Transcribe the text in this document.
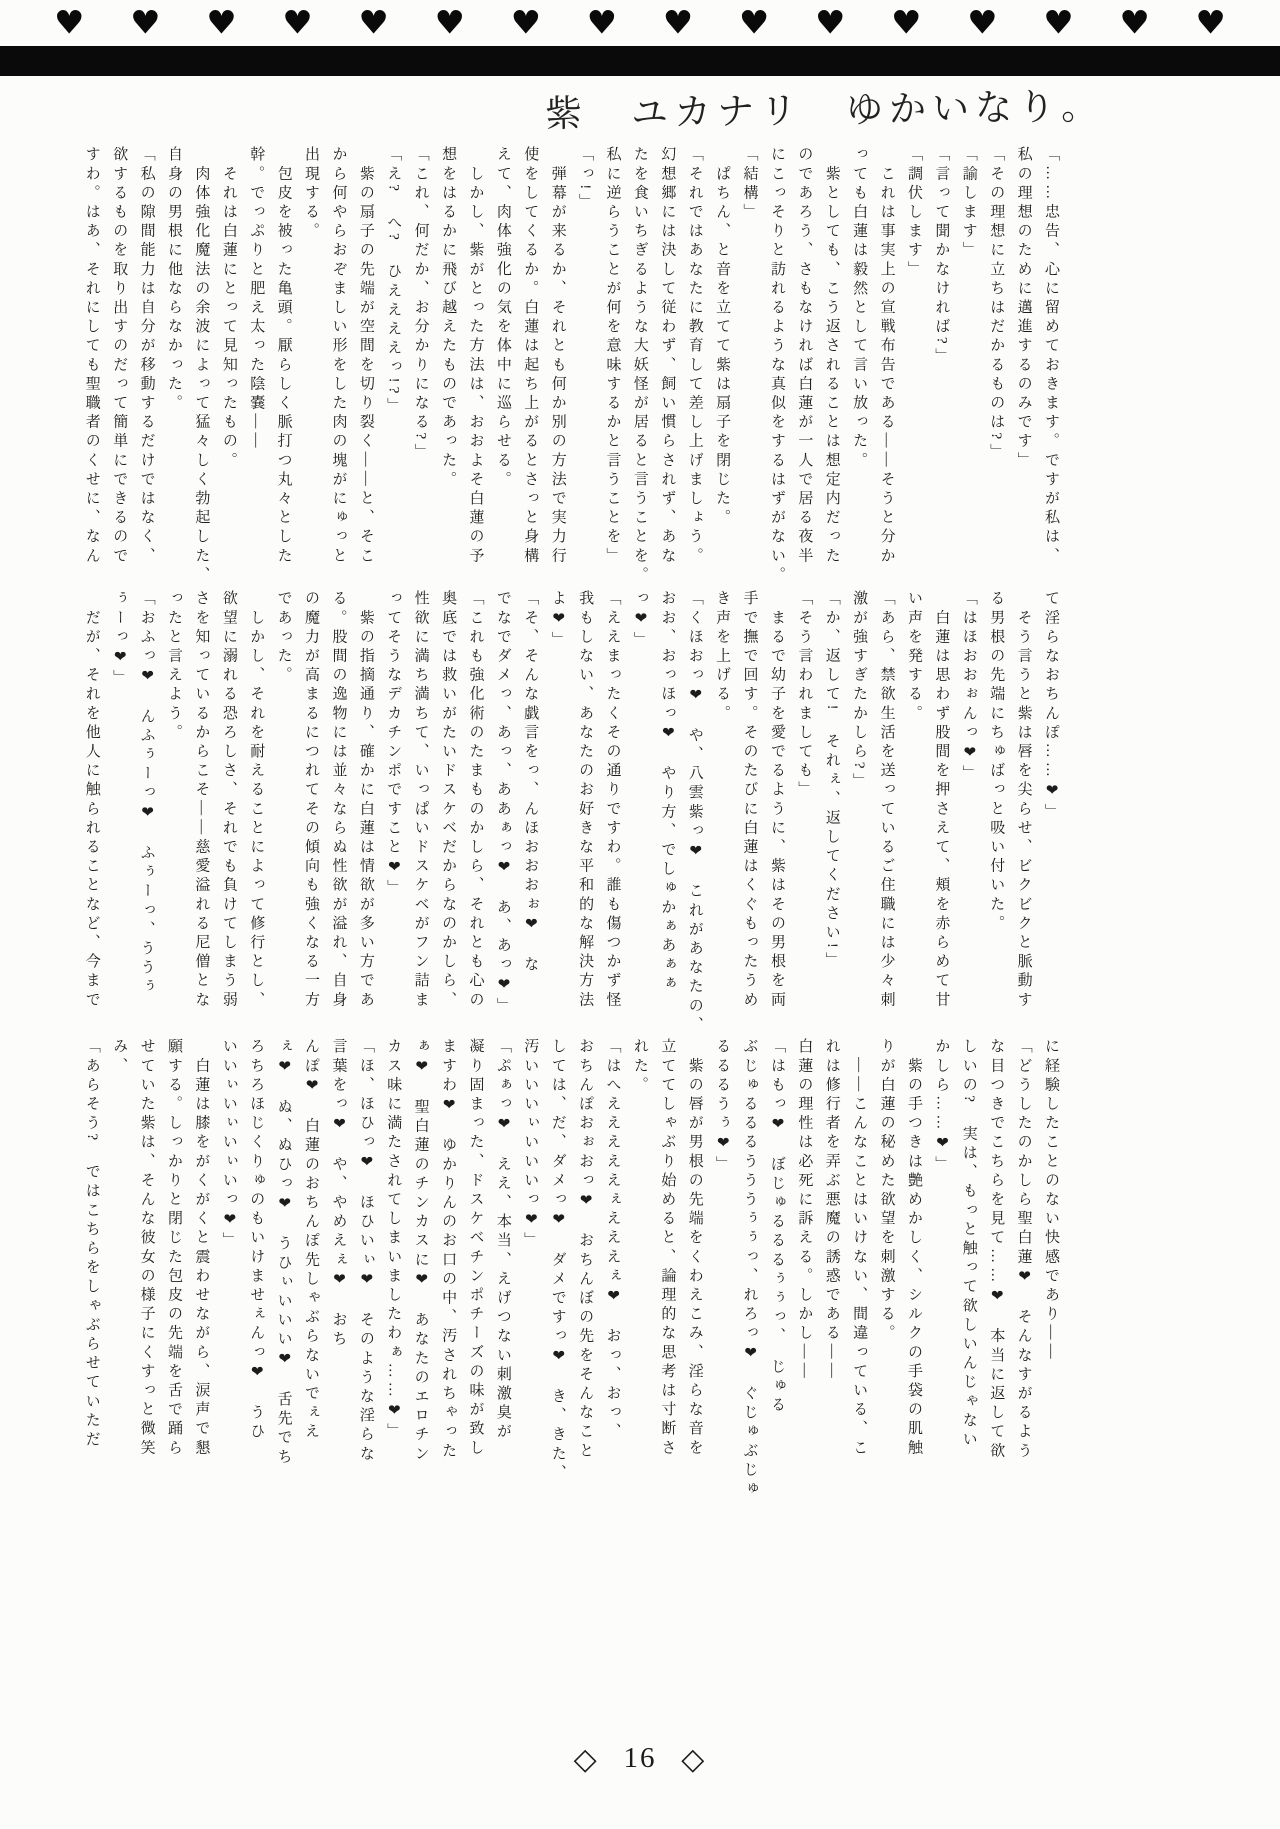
♥ ♥ ♥ ♥ ♥ ♥ ♥ ♥ ♥ ♥ ♥ ♥ ♥ ♥ ♥ ♥
紫　ユカナリ　ゆかいなり。

「……忠告、心に留めておきます。ですが私は、

私の理想のために邁進するのみです」

「その理想に立ちはだかるものは?」

「諭します」

「言って聞かなければ?」

「調伏します」

　これは事実上の宣戦布告である――そうと分か

っても白蓮は毅然として言い放った。

　紫としても、こう返されることは想定内だった

のであろう、さもなければ白蓮が一人で居る夜半

にこっそりと訪れるような真似をするはずがない。

「結構」

　ぱちん、と音を立てて紫は扇子を閉じた。

「それではあなたに教育して差し上げましょう。

幻想郷には決して従わず、飼い慣らされず、あな

たを食いちぎるような大妖怪が居ると言うことを。

私に逆らうことが何を意味するかと言うことを」

「っ!」

　弾幕が来るか、それとも何か別の方法で実力行

使をしてくるか。白蓮は起ち上がるとさっと身構

えて、肉体強化の気を体中に巡らせる。

　しかし、紫がとった方法は、おおよそ白蓮の予

想をはるかに飛び越えたものであった。

「これ、何だか、お分かりになる?」

「え?　へ?　ひええええっ!?」

　紫の扇子の先端が空間を切り裂く――と、そこ

から何やらおぞましい形をした肉の塊がにゅっと

出現する。

　包皮を被った亀頭。厭らしく脈打つ丸々とした

幹。でっぷりと肥え太った陰嚢――

　それは白蓮にとって見知ったもの。

　肉体強化魔法の余波によって猛々しく勃起した、

自身の男根に他ならなかった。

「私の隙間能力は自分が移動するだけではなく、

欲するものを取り出すのだって簡単にできるので

すわ。はあ、それにしても聖職者のくせに、なん

て淫らなおちんぽ……❤」

　そう言うと紫は唇を尖らせ、ビクビクと脈動す

る男根の先端にちゅばっと吸い付いた。

「はほおおぉんっ❤」

　白蓮は思わず股間を押さえて、頬を赤らめて甘

い声を発する。

「あら、禁欲生活を送っているご住職には少々刺

激が強すぎたかしら?」

「か、返して!　それぇ、返してください!」

「そう言われましても」

　まるで幼子を愛でるように、紫はその男根を両

手で撫で回す。そのたびに白蓮はくぐもったうめ

き声を上げる。

「くほおっ❤　や、八雲紫っ❤　これがあなたの、

おお、おっほっ❤　やり方、でしゅかぁあぁぁ

っ❤」

「ええまったくその通りですわ。誰も傷つかず怪

我もしない、あなたのお好きな平和的な解決方法

よ❤」

「そ、そんな戯言をっ、んほおおおぉ❤　な

でなでダメっ、あっ、ああぁっ❤　あ、あっ❤」

「これも強化術のたまものかしら、それとも心の

奥底では救いがたいドスケベだからなのかしら、

性欲に満ち満ちて、いっぱいドスケベがフン詰ま

ってそうなデカチンポですこと❤」

　紫の指摘通り、確かに白蓮は情欲が多い方であ

る。股間の逸物には並々ならぬ性欲が溢れ、自身

の魔力が高まるにつれてその傾向も強くなる一方

であった。

　しかし、それを耐えることによって修行とし、

欲望に溺れる恐ろしさ、それでも負けてしまう弱

さを知っているからこそ――慈愛溢れる尼僧とな

ったと言えよう。

「おふっ❤　んふぅーっ❤　ふぅーっ、ううぅ

ぅーっ❤」

　だが、それを他人に触られることなど、今まで

に経験したことのない快感であり――

「どうしたのかしら聖白蓮❤　そんなすがるよう

な目つきでこちらを見て……❤　本当に返して欲

しいの?　実は、もっと触って欲しいんじゃない

かしら……❤」

　紫の手つきは艶めかしく、シルクの手袋の肌触

りが白蓮の秘めた欲望を刺激する。

　――こんなことはいけない、間違っている、こ

れは修行者を弄ぶ悪魔の誘惑である――

白蓮の理性は必死に訴える。しかし――

「はもっ❤　ぼじゅるるるぅぅっ、　じゅる

ぶじゅるるるうううぅぅっ、れろっ❤　ぐじゅぶじゅ

るるるうぅ❤」

　紫の唇が男根の先端をくわえこみ、淫らな音を

立ててしゃぶり始めると、論理的な思考は寸断さ

れた。

「はへえええええぇえええぇ❤　おっ、おっ、

おちんぽおぉおっ❤　おちんぼの先をそんなこと

しては、だ、ダメっ❤　ダメですっ❤　き、きた、

汚いいいぃいいいっ❤」

「ぷぁっ❤　ええ、本当、えげつない刺激臭が

凝り固まった、ドスケベチンポチーズの味が致し

ますわ❤　ゆかりんのお口の中、汚されちゃった

ぁ❤　聖白蓮のチンカスに❤　あなたのエロチン

カス味に満たされてしまいましたわぁ……❤」

「ほ、ほひっ❤　ほひいぃ❤　そのような淫らな

言葉をっ❤　や、やめえぇ❤　おち

んぽ❤　白蓮のおちんぽ先しゃぶらないでぇえ

ぇ❤　ぬ、ぬひっ❤　うひぃいいい❤　舌先でち

ろちろほじくりゅのもいけませぇんっ❤　うひ

いいぃいぃいぃいっ❤」

　白蓮は膝をがくがくと震わせながら、涙声で懇

願する。しっかりと閉じた包皮の先端を舌で踊ら

せていた紫は、そんな彼女の様子にくすっと微笑

み、

「あらそう?　ではこちらをしゃぶらせていただ

◇ 16 ◇
